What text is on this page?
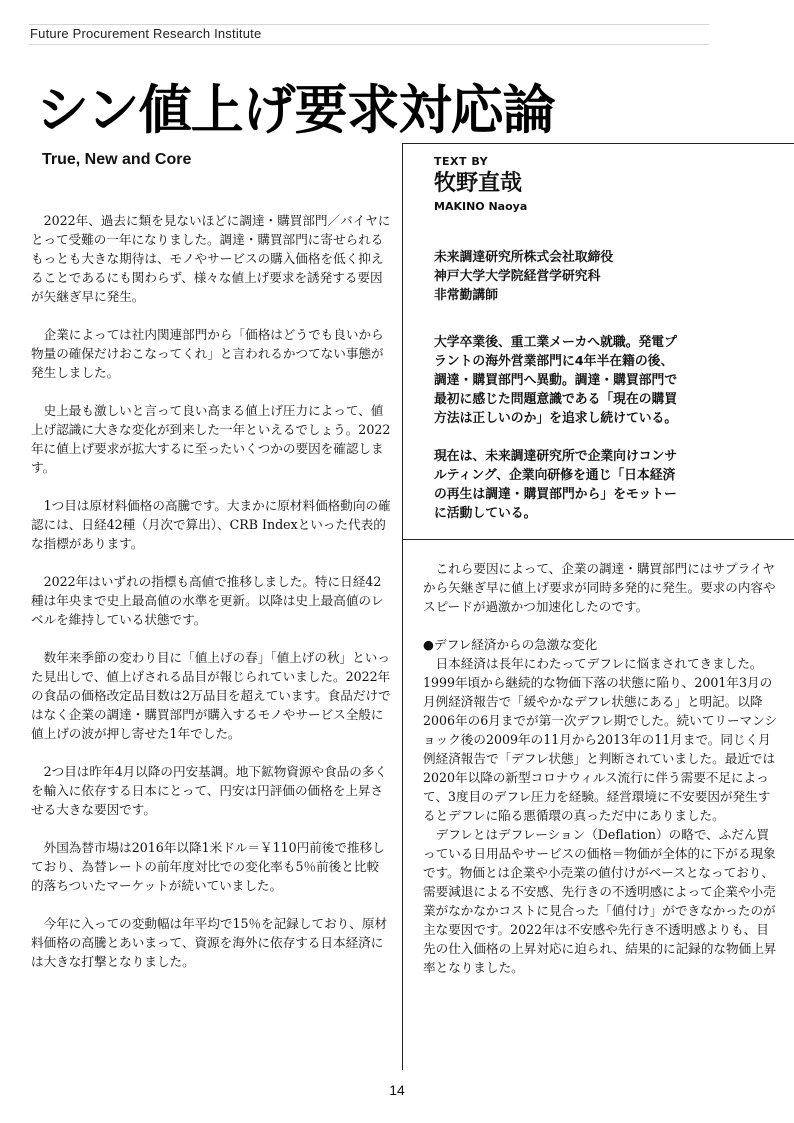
Future Procurement Research Institute
シン値上げ要求対応論
True, New and Core	TEXT BY
牧野直哉
MAKINO Naoya
未来調達研究所株式会社取締役
神戸大学大学院経営学研究科
非常勤講師
大学卒業後、重工業メーカへ就職。発電プ
ラントの海外営業部門に4年半在籍の後、
調達・購買部門へ異動。調達・購買部門で
最初に感じた問題意識である「現在の購買
方法は正しいのか」を追求し続けている。
現在は、未来調達研究所で企業向けコンサ
ルティング、企業向研修を通じ「日本経済
の再生は調達・購買部門から」をモットー
に活動している。

2022年、過去に類を見ないほどに調達・購買部門／バイヤにとって受難の一年になりました。調達・購買部門に寄せられるもっとも大きな期待は、モノやサービスの購入価格を低く抑えることであるにも関わらず、様々な値上げ要求を誘発する要因が矢継ぎ早に発生。

企業によっては社内関連部門から「価格はどうでも良いから物量の確保だけおこなってくれ」と言われるかつてない事態が発生しました。

史上最も激しいと言って良い高まる値上げ圧力によって、値上げ認識に大きな変化が到来した一年といえるでしょう。2022年に値上げ要求が拡大するに至ったいくつかの要因を確認します。

1つ目は原材料価格の高騰です。大まかに原材料価格動向の確認には、日経42種（月次で算出）、CRB Indexといった代表的な指標があります。

2022年はいずれの指標も高値で推移しました。特に日経42種は年央まで史上最高値の水準を更新。以降は史上最高値のレベルを維持している状態です。

数年来季節の変わり目に「値上げの春」「値上げの秋」といった見出しで、値上げされる品目が報じられていました。2022年の食品の価格改定品目数は2万品目を超えています。食品だけではなく企業の調達・購買部門が購入するモノやサービス全般に値上げの波が押し寄せた1年でした。

2つ目は昨年4月以降の円安基調。地下鉱物資源や食品の多くを輸入に依存する日本にとって、円安は円評価の価格を上昇させる大きな要因です。

外国為替市場は2016年以降1米ドル＝￥110円前後で推移しており、為替レートの前年度対比での変化率も5％前後と比較的落ちついたマーケットが続いていました。

今年に入っての変動幅は年平均で15％を記録しており、原材料価格の高騰とあいまって、資源を海外に依存する日本経済には大きな打撃となりました。

これら要因によって、企業の調達・購買部門にはサプライヤから矢継ぎ早に値上げ要求が同時多発的に発生。要求の内容やスピードが過激かつ加速化したのです。

●デフレ経済からの急激な変化

日本経済は長年にわたってデフレに悩まされてきました。1999年頃から継続的な物価下落の状態に陥り、2001年3月の月例経済報告で「緩やかなデフレ状態にある」と明記。以降2006年の6月までが第一次デフレ期でした。続いてリーマンショック後の2009年の11月から2013年の11月まで。同じく月例経済報告で「デフレ状態」と判断されていました。最近では2020年以降の新型コロナウィルス流行に伴う需要不足によって、3度目のデフレ圧力を経験。経営環境に不安要因が発生するとデフレに陥る悪循環の真っただ中にありました。

デフレとはデフレーション（Deflation）の略で、ふだん買っている日用品やサービスの価格＝物価が全体的に下がる現象です。物価とは企業や小売業の値付けがベースとなっており、需要減退による不安感、先行きの不透明感によって企業や小売業がなかなかコストに見合った「値付け」ができなかったのが主な要因です。2022年は不安感や先行き不透明感よりも、目先の仕入価格の上昇対応に迫られ、結果的に記録的な物価上昇率となりました。

14
